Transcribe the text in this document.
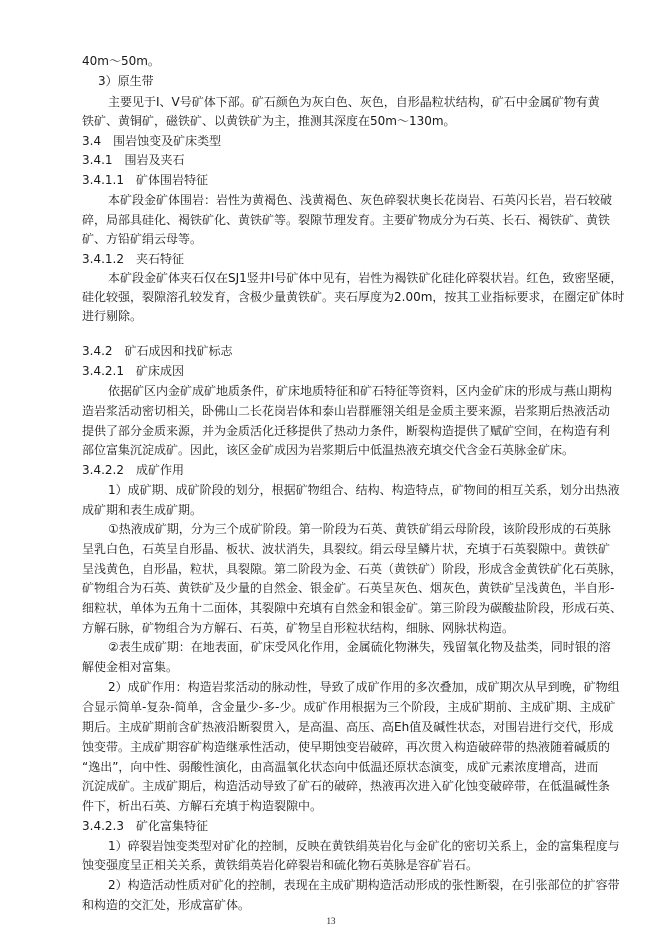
40m～50m。
3）原生带
主要见于Ⅰ、Ⅴ号矿体下部。矿石颜色为灰白色、灰色，自形晶粒状结构，矿石中金属矿物有黄
铁矿、黄铜矿，磁铁矿、以黄铁矿为主，推测其深度在50m～130m。
3.4　围岩蚀变及矿床类型
3.4.1　围岩及夹石
3.4.1.1　矿体围岩特征
本矿段金矿体围岩：岩性为黄褐色、浅黄褐色、灰色碎裂状奥长花岗岩、石英闪长岩，岩石较破
碎，局部具硅化、褐铁矿化、黄铁矿等。裂隙节理发育。主要矿物成分为石英、长石、褐铁矿、黄铁
矿、方铅矿绢云母等。
3.4.1.2　夹石特征
本矿段金矿体夹石仅在SJ1竖井Ⅰ号矿体中见有，岩性为褐铁矿化硅化碎裂状岩。红色，致密坚硬，
硅化较强，裂隙溶孔较发育，含极少量黄铁矿。夹石厚度为2.00m，按其工业指标要求，在圈定矿体时
进行剔除。
3.4.2　矿石成因和找矿标志
3.4.2.1　矿床成因
依据矿区内金矿成矿地质条件，矿床地质特征和矿石特征等资料，区内金矿床的形成与燕山期构
造岩浆活动密切相关，卧佛山二长花岗岩体和泰山岩群雁翎关组是金质主要来源，岩浆期后热液活动
提供了部分金质来源，并为金质活化迁移提供了热动力条件，断裂构造提供了赋矿空间，在构造有利
部位富集沉淀成矿。因此，该区金矿成因为岩浆期后中低温热液充填交代含金石英脉金矿床。
3.4.2.2　成矿作用
1）成矿期、成矿阶段的划分，根据矿物组合、结构、构造特点，矿物间的相互关系，划分出热液
成矿期和表生成矿期。
①热液成矿期，分为三个成矿阶段。第一阶段为石英、黄铁矿绢云母阶段，该阶段形成的石英脉
呈乳白色，石英呈自形晶、板状、波状消失，具裂纹。绢云母呈鳞片状，充填于石英裂隙中。黄铁矿
呈浅黄色，自形晶，粒状，具裂隙。第二阶段为金、石英（黄铁矿）阶段，形成含金黄铁矿化石英脉，
矿物组合为石英、黄铁矿及少量的自然金、银金矿。石英呈灰色、烟灰色，黄铁矿呈浅黄色，半自形-
细粒状，单体为五角十二面体，其裂隙中充填有自然金和银金矿。第三阶段为碳酸盐阶段，形成石英、
方解石脉，矿物组合为方解石、石英，矿物呈自形粒状结构，细脉、网脉状构造。
②表生成矿期：在地表面，矿床受风化作用，金属硫化物淋失，残留氧化物及盐类，同时银的溶
解使金相对富集。
2）成矿作用：构造岩浆活动的脉动性，导致了成矿作用的多次叠加，成矿期次从早到晚，矿物组
合显示简单-复杂-简单，含金量少-多-少。成矿作用根据为三个阶段，主成矿期前、主成矿期、主成矿
期后。主成矿期前含矿热液沿断裂贯入，是高温、高压、高Eh值及碱性状态，对围岩进行交代，形成
蚀变带。主成矿期容矿构造继承性活动，使早期蚀变岩破碎，再次贯入构造破碎带的热液随着碱质的
“逸出”，向中性、弱酸性演化，由高温氧化状态向中低温还原状态演变，成矿元素浓度增高，进而
沉淀成矿。主成矿期后，构造活动导致了矿石的破碎，热液再次进入矿化蚀变破碎带，在低温碱性条
件下，析出石英、方解石充填于构造裂隙中。
3.4.2.3　矿化富集特征
1）碎裂岩蚀变类型对矿化的控制，反映在黄铁绢英岩化与金矿化的密切关系上，金的富集程度与
蚀变强度呈正相关关系，黄铁绢英岩化碎裂岩和硫化物石英脉是容矿岩石。
2）构造活动性质对矿化的控制，表现在主成矿期构造活动形成的张性断裂，在引张部位的扩容带
和构造的交汇处，形成富矿体。
13
